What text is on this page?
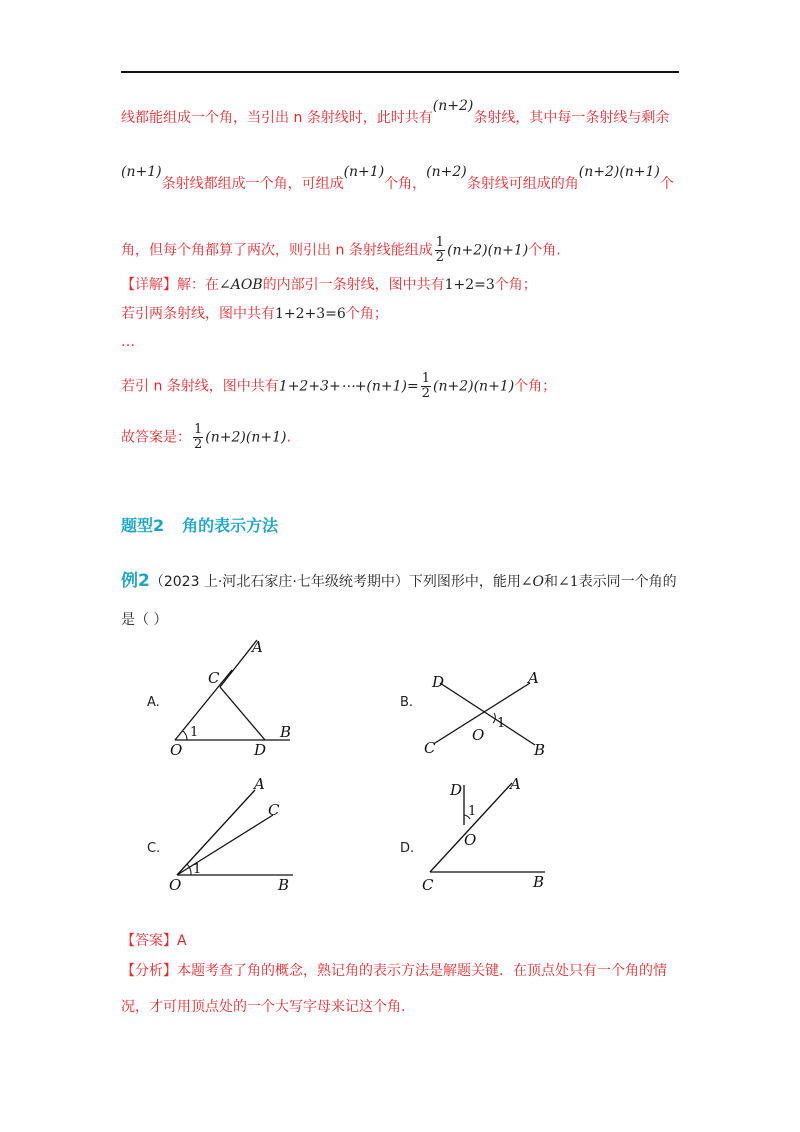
线都能组成一个角，当引出 n 条射线时，此时共有(n+2)条射线，其中每一条射线与剩余
(n+1)条射线都组成一个角，可组成(n+1)个角，(n+2)条射线可组成的角(n+2)(n+1)个
角，但每个角都算了两次，则引出 n 条射线能组成 $\frac{1}{2} (n+2)(n+1)$个角.
【详解】解：在∠AOB的内部引一条射线，图中共有1+2=3个角；
若引两条射线，图中共有1+2+3=6个角；
…
若引 n 条射线，图中共有1+2+3+⋯+(n+1)= $\frac{1}{2} (n+2)(n+1)$个角；
故答案是： $\frac{1}{2} (n+2)(n+1)$.
题型2 角的表示方法
例2（2023 上·河北石家庄·七年级统考期中）下列图形中，能用∠O和∠1表示同一个角的
是（ ）
A.	B.
C.	D.
A
C
O	D
B
1
D	A
O
C	B
1
A
C
O	B
1
D	A
O
C	B
1
【答案】A
【分析】本题考查了角的概念，熟记角的表示方法是解题关键．在顶点处只有一个角的情
况，才可用顶点处的一个大写字母来记这个角.
